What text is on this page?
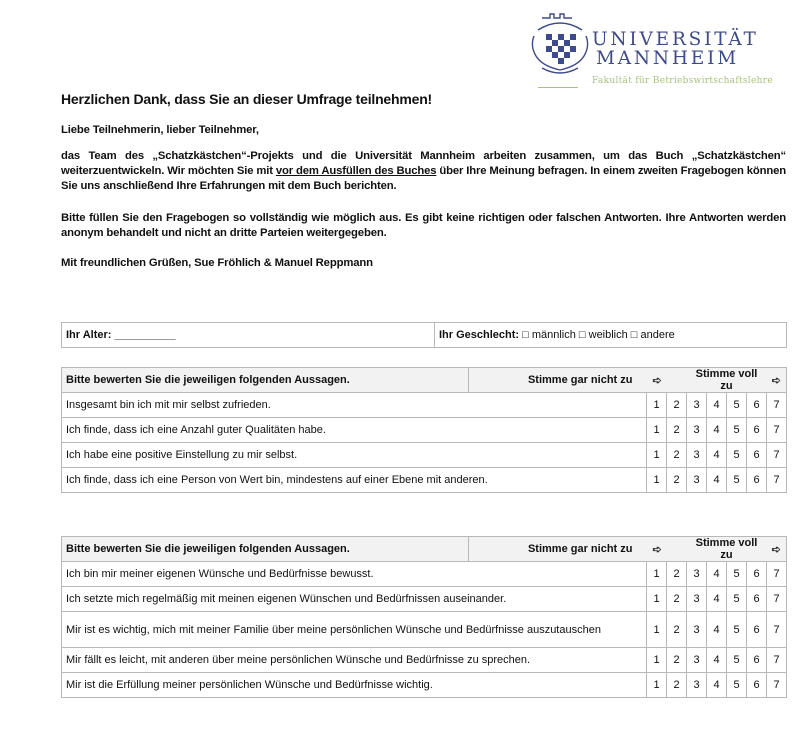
UNIVERSITÄT
MANNHEIM
Fakultät für Betriebswirtschaftslehre
Herzlichen Dank, dass Sie an dieser Umfrage teilnehmen!
Liebe Teilnehmerin, lieber Teilnehmer,
das Team des „Schatzkästchen“-Projekts und die Universität Mannheim arbeiten zusammen, um das Buch „Schatzkästchen“ weiterzuentwickeln. Wir möchten Sie mit vor dem Ausfüllen des Buches über Ihre Meinung befragen. In einem zweiten Fragebogen können Sie uns anschließend Ihre Erfahrungen mit dem Buch berichten.
Bitte füllen Sie den Fragebogen so vollständig wie möglich aus. Es gibt keine richtigen oder falschen Antworten. Ihre Antworten werden anonym behandelt und nicht an dritte Parteien weitergegeben.
Mit freundlichen Grüßen, Sue Fröhlich & Manuel Reppmann
Ihr Alter: __________	Ihr Geschlecht: □ männlich □ weiblich □ andere
Bitte bewerten Sie die jeweiligen folgenden Aussagen.	Stimme gar nicht zu	➪		Stimme voll zu				➪
Insgesamt bin ich mit mir selbst zufrieden.		1	2	3	4	5	6	7
Ich finde, dass ich eine Anzahl guter Qualitäten habe.		1	2	3	4	5	6	7
Ich habe eine positive Einstellung zu mir selbst.		1	2	3	4	5	6	7
Ich finde, dass ich eine Person von Wert bin, mindestens auf einer Ebene mit anderen.		1	2	3	4	5	6	7
Bitte bewerten Sie die jeweiligen folgenden Aussagen.	Stimme gar nicht zu	➪		Stimme voll zu				➪
Ich bin mir meiner eigenen Wünsche und Bedürfnisse bewusst.		1	2	3	4	5	6	7
Ich setzte mich regelmäßig mit meinen eigenen Wünschen und Bedürfnissen auseinander.		1	2	3	4	5	6	7
Mir ist es wichtig, mich mit meiner Familie über meine persönlichen Wünsche und Bedürfnisse auszutauschen		1	2	3	4	5	6	7
Mir fällt es leicht, mit anderen über meine persönlichen Wünsche und Bedürfnisse zu sprechen.		1	2	3	4	5	6	7
Mir ist die Erfüllung meiner persönlichen Wünsche und Bedürfnisse wichtig.		1	2	3	4	5	6	7
